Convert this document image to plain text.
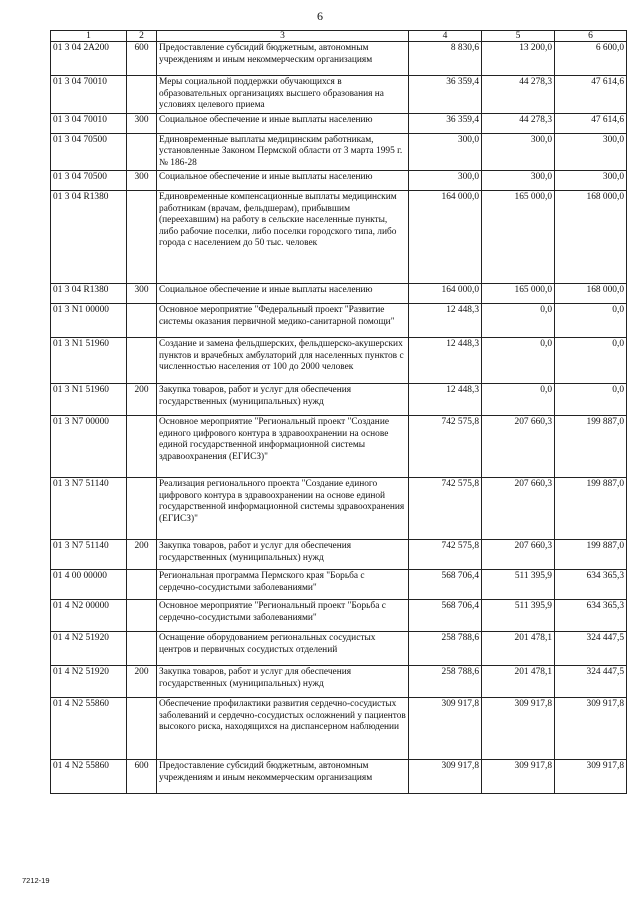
6
1	2	3	4	5	6
01 3 04 2А200	600	Предоставление субсидий бюджетным, автономным учреждениям и иным некоммерческим организациям	8 830,6	13 200,0	6 600,0
01 3 04 70010		Меры социальной поддержки обучающихся в образовательных организациях высшего образования на условиях целевого приема	36 359,4	44 278,3	47 614,6
01 3 04 70010	300	Социальное обеспечение и иные выплаты населению	36 359,4	44 278,3	47 614,6
01 3 04 70500		Единовременные выплаты медицинским работникам, установленные Законом Пермской области от 3 марта 1995 г. № 186-28	300,0	300,0	300,0
01 3 04 70500	300	Социальное обеспечение и иные выплаты населению	300,0	300,0	300,0
01 3 04 R1380		Единовременные компенсационные выплаты медицинским работникам (врачам, фельдшерам), прибывшим (переехавшим) на работу в сельские населенные пункты, либо рабочие поселки, либо поселки городского типа, либо города с населением до 50 тыс. человек	164 000,0	165 000,0	168 000,0
01 3 04 R1380	300	Социальное обеспечение и иные выплаты населению	164 000,0	165 000,0	168 000,0
01 3 N1 00000		Основное мероприятие "Федеральный проект "Развитие системы оказания первичной медико-санитарной помощи"	12 448,3	0,0	0,0
01 3 N1 51960		Создание и замена фельдшерских, фельдшерско-акушерских пунктов и врачебных амбулаторий для населенных пунктов с численностью населения от 100 до 2000 человек	12 448,3	0,0	0,0
01 3 N1 51960	200	Закупка товаров, работ и услуг для обеспечения государственных (муниципальных) нужд	12 448,3	0,0	0,0
01 3 N7 00000		Основное мероприятие "Региональный проект "Создание единого цифрового контура в здравоохранении на основе единой государственной информационной системы здравоохранения (ЕГИСЗ)"	742 575,8	207 660,3	199 887,0
01 3 N7 51140		Реализация регионального проекта "Создание единого цифрового контура в здравоохранении на основе единой государственной информационной системы здравоохранения (ЕГИСЗ)"	742 575,8	207 660,3	199 887,0
01 3 N7 51140	200	Закупка товаров, работ и услуг для обеспечения государственных (муниципальных) нужд	742 575,8	207 660,3	199 887,0
01 4 00 00000		Региональная программа Пермского края "Борьба с сердечно-сосудистыми заболеваниями"	568 706,4	511 395,9	634 365,3
01 4 N2 00000		Основное мероприятие "Региональный проект "Борьба с сердечно-сосудистыми заболеваниями"	568 706,4	511 395,9	634 365,3
01 4 N2 51920		Оснащение оборудованием региональных сосудистых центров и первичных сосудистых отделений	258 788,6	201 478,1	324 447,5
01 4 N2 51920	200	Закупка товаров, работ и услуг для обеспечения государственных (муниципальных) нужд	258 788,6	201 478,1	324 447,5
01 4 N2 55860		Обеспечение профилактики развития сердечно-сосудистых заболеваний и сердечно-сосудистых осложнений у пациентов высокого риска, находящихся на диспансерном наблюдении	309 917,8	309 917,8	309 917,8
01 4 N2 55860	600	Предоставление субсидий бюджетным, автономным учреждениям и иным некоммерческим организациям	309 917,8	309 917,8	309 917,8
7212-19
